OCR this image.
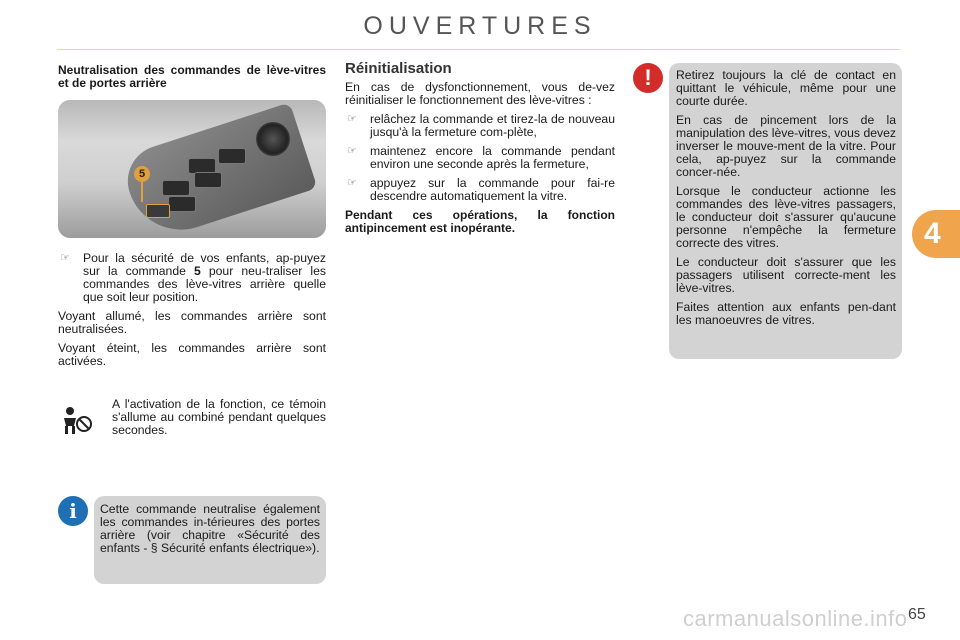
OUVERTURES

Neutralisation des commandes de lève-vitres et de portes arrière

5
☞ Pour la sécurité de vos enfants, ap-puyez sur la commande 5 pour neu-traliser les commandes des lève-vitres arrière quelle que soit leur position.

Voyant allumé, les commandes arrière sont neutralisées.

Voyant éteint, les commandes arrière sont activées.

A l'activation de la fonction, ce témoin s'allume au combiné pendant quelques secondes.

i	Cette commande neutralise également les commandes in-térieures des portes arrière (voir chapitre «Sécurité des enfants - § Sécurité enfants électrique»).

Réinitialisation

En cas de dysfonctionnement, vous de-vez réinitialiser le fonctionnement des lève-vitres :

☞ relâchez la commande et tirez-la de nouveau jusqu'à la fermeture com-plète,
☞ maintenez encore la commande pendant environ une seconde après la fermeture,
☞ appuyez sur la commande pour fai-re descendre automatiquement la vitre.

Pendant ces opérations, la fonction antipincement est inopérante.

!	Retirez toujours la clé de contact en quittant le véhicule, même pour une courte durée.

En cas de pincement lors de la manipulation des lève-vitres, vous devez inverser le mouve-ment de la vitre. Pour cela, ap-puyez sur la commande concer-née.

Lorsque le conducteur actionne les commandes des lève-vitres passagers, le conducteur doit s'assurer qu'aucune personne n'empêche la fermeture correcte des vitres.

Le conducteur doit s'assurer que les passagers utilisent correcte-ment les lève-vitres.

Faites attention aux enfants pen-dant les manoeuvres de vitres.

4
carmanualsonline.info 65
